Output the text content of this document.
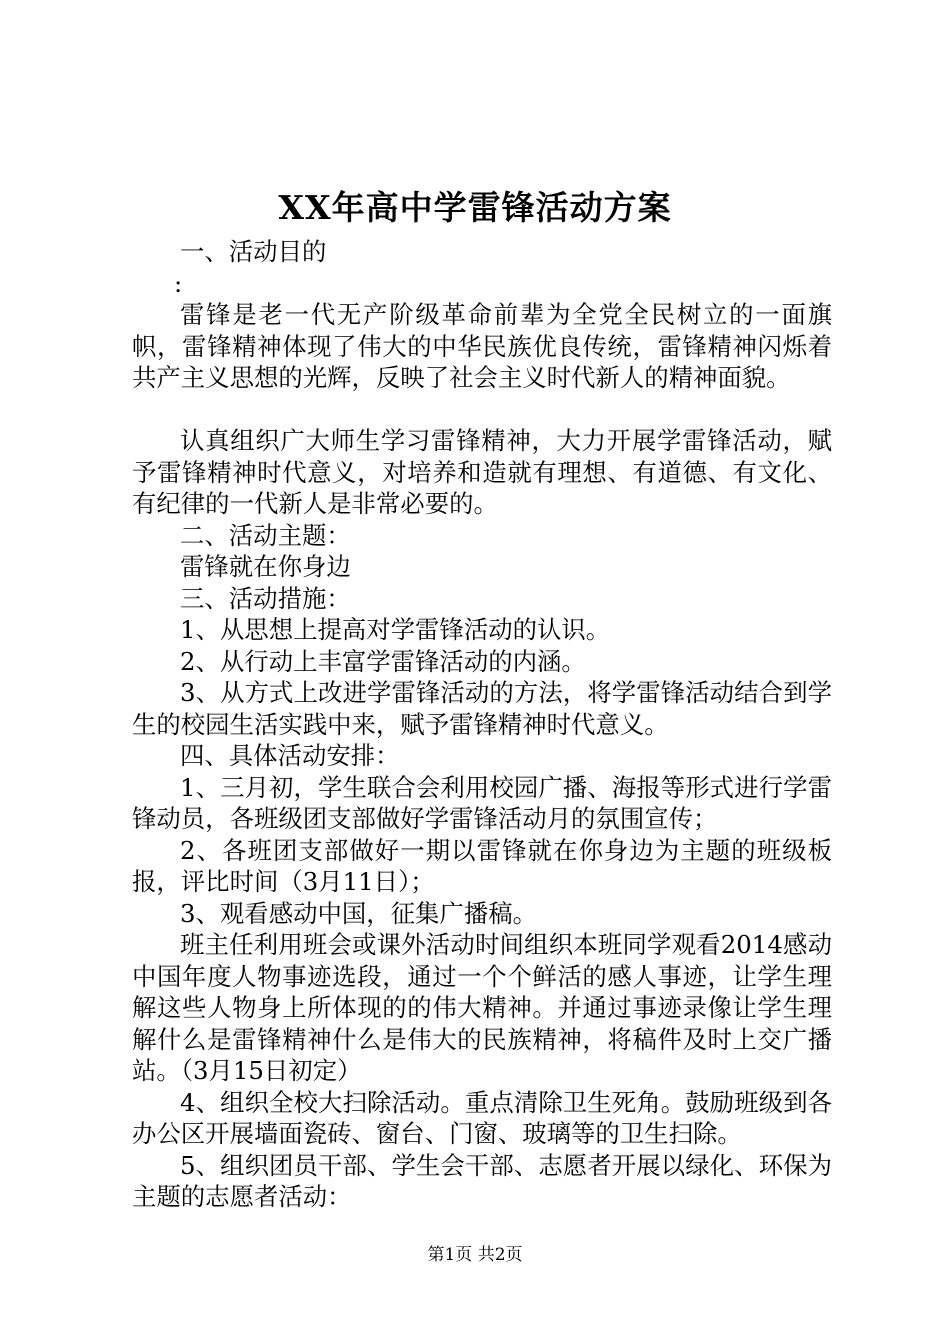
XX年高中学雷锋活动方案

一、活动目的

:

雷锋是老一代无产阶级革命前辈为全党全民树立的一面旗帜，雷锋精神体现了伟大的中华民族优良传统，雷锋精神闪烁着共产主义思想的光辉，反映了社会主义时代新人的精神面貌。

认真组织广大师生学习雷锋精神，大力开展学雷锋活动，赋予雷锋精神时代意义，对培养和造就有理想、有道德、有文化、有纪律的一代新人是非常必要的。

二、活动主题：

雷锋就在你身边

三、活动措施：

1、从思想上提高对学雷锋活动的认识。

2、从行动上丰富学雷锋活动的内涵。

3、从方式上改进学雷锋活动的方法，将学雷锋活动结合到学生的校园生活实践中来，赋予雷锋精神时代意义。

四、具体活动安排：

1、三月初，学生联合会利用校园广播、海报等形式进行学雷锋动员，各班级团支部做好学雷锋活动月的氛围宣传；

2、各班团支部做好一期以雷锋就在你身边为主题的班级板报，评比时间（3月11日）；

3、观看感动中国，征集广播稿。

班主任利用班会或课外活动时间组织本班同学观看2014感动中国年度人物事迹选段，通过一个个鲜活的感人事迹，让学生理解这些人物身上所体现的的伟大精神。并通过事迹录像让学生理解什么是雷锋精神什么是伟大的民族精神，将稿件及时上交广播站。（3月15日初定）

4、组织全校大扫除活动。重点清除卫生死角。鼓励班级到各办公区开展墙面瓷砖、窗台、门窗、玻璃等的卫生扫除。

5、组织团员干部、学生会干部、志愿者开展以绿化、环保为主题的志愿者活动：

第1页 共2页
